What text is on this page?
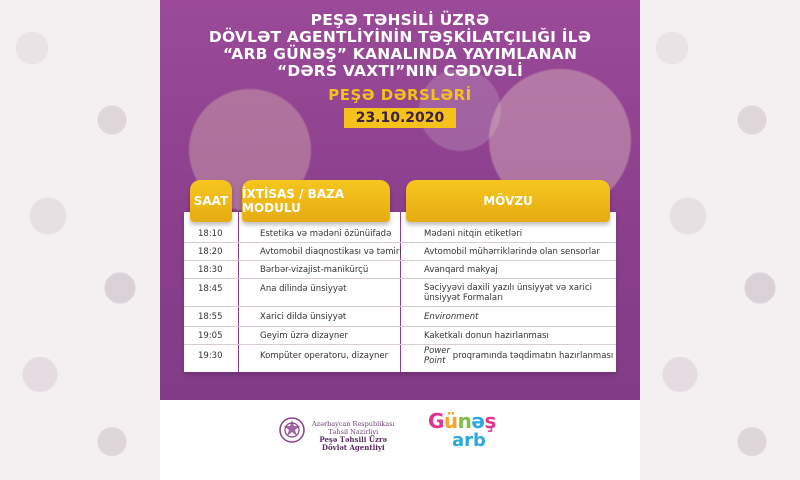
PEŞƏ TƏHSİLİ ÜZRƏ
DÖVLƏT AGENTLİYİNİN TƏŞKİLATÇILIĞI İLƏ
“ARB GÜNƏŞ” KANALINDA YAYIMLANAN
“DƏRS VAXTI”NIN CƏDVƏLİ
PEŞƏ DƏRSLƏRİ
23.10.2020
SAAT	İXTİSAS / BAZA MODULU	MÖVZU
18:10	Estetika və mədəni özünüifadə	Mədəni nitqin etiketləri
18:20	Avtomobil diaqnostikası və təmiri	Avtomobil mühərriklərində olan sensorlar
18:30	Bərbər-vizajist-manikürçü	Avanqard makyaj
18:45	Ana dilində ünsiyyət	Səciyyəvi daxili yazılı ünsiyyət və xarici ünsiyyət Formaları
18:55	Xarici dildə ünsiyyət	Environment
19:05	Geyim üzrə dizayner	Kaketkalı donun hazırlanması
19:30	Kompüter operatoru, dizayner	Power Point proqramında təqdimatın hazırlanması
Azərbaycan Respublikası
Təhsil Nazirliyi
Peşə Təhsili Üzrə
Dövlət Agentliyi
Günəş
arb
